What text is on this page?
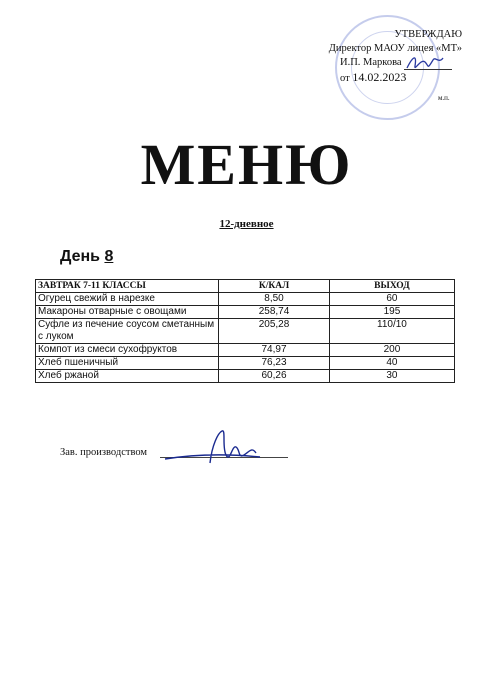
УТВЕРЖДАЮ
Директор МАОУ лицея «МТ»
И.П. Маркова
от 14.02.2023
м.п.
МЕНЮ
12-дневное
День 8
ЗАВТРАК 7-11 КЛАССЫ	К/КАЛ	ВЫХОД
Огурец свежий в нарезке	8,50	60
Макароны отварные с овощами	258,74	195
Суфле из печение соусом сметанным с луком	205,28	110/10
Компот из смеси сухофруктов	74,97	200
Хлеб пшеничный	76,23	40
Хлеб ржаной	60,26	30
Зав. производством
